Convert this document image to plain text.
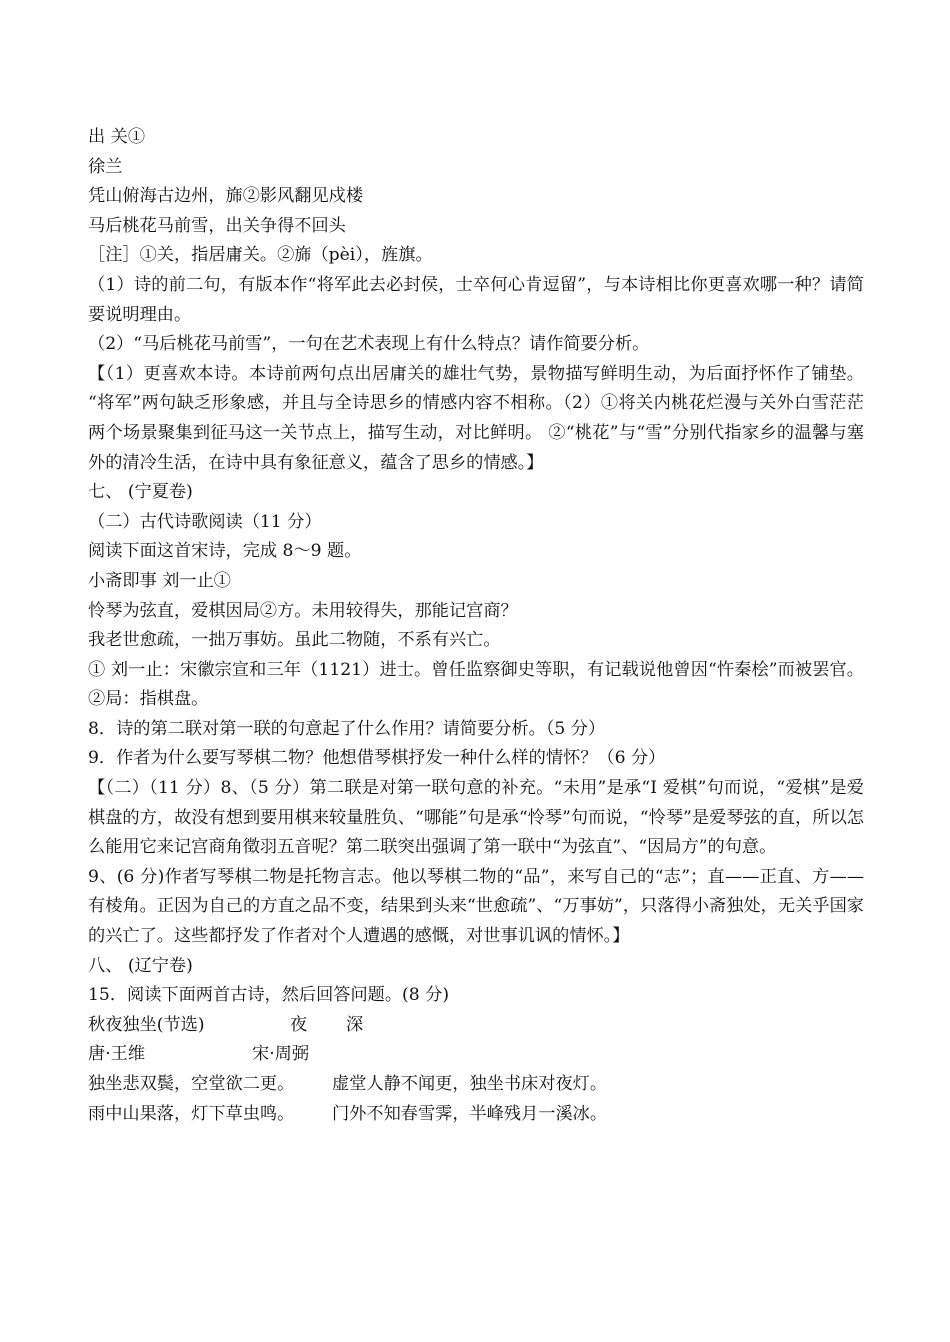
出 关①
徐兰
凭山俯海古边州，旆②影风翻见戍楼
马后桃花马前雪，出关争得不回头
［注］①关，指居庸关。②旆（pèi），旌旗。
（1）诗的前二句，有版本作“将军此去必封侯，士卒何心肯逗留”，与本诗相比你更喜欢哪一种？请简要说明理由。
（2）“马后桃花马前雪”，一句在艺术表现上有什么特点？请作简要分析。
【（1）更喜欢本诗。本诗前两句点出居庸关的雄壮气势，景物描写鲜明生动，为后面抒怀作了铺垫。 “将军”两句缺乏形象感，并且与全诗思乡的情感内容不相称。（2）①将关内桃花烂漫与关外白雪茫茫两个场景聚集到征马这一关节点上，描写生动，对比鲜明。 ②“桃花”与“雪”分别代指家乡的温馨与塞外的清冷生活，在诗中具有象征意义，蕴含了思乡的情感。】
七、 (宁夏卷)
（二）古代诗歌阅读（11 分）
阅读下面这首宋诗，完成 8～9 题。
小斋即事 刘一止①
怜琴为弦直，爱棋因局②方。未用较得失，那能记宫商？
我老世愈疏，一拙万事妨。虽此二物随，不系有兴亡。
① 刘一止：宋徽宗宣和三年（1121）进士。曾任监察御史等职，有记载说他曾因“忤秦桧”而被罢官。②局：指棋盘。
8．诗的第二联对第一联的句意起了什么作用？请简要分析。（5 分）
9．作者为什么要写琴棋二物？他想借琴棋抒发一种什么样的情怀？（6 分）
【（二）（11 分）8、（5 分）第二联是对第一联句意的补充。“未用”是承“I 爱棋”句而说，“爱棋”是爱棋盘的方，故没有想到要用棋来较量胜负、“哪能”句是承“怜琴”句而说，“怜琴”是爱琴弦的直，所以怎么能用它来记宫商角徵羽五音呢？第二联突出强调了第一联中“为弦直”、“因局方”的句意。
9、(6 分)作者写琴棋二物是托物言志。他以琴棋二物的“品”，来写自己的“志”；直——正直、方——有棱角。正因为自己的方直之品不变，结果到头来“世愈疏”、“万事妨”，只落得小斋独处，无关乎国家的兴亡了。这些都抒发了作者对个人遭遇的感慨，对世事讥讽的情怀。】
八、 (辽宁卷)
15．阅读下面两首古诗，然后回答问题。(8 分)
秋夜独坐(节选)	夜 深
唐·王维	宋·周弼
独坐悲双鬓，空堂欲二更。 虚堂人静不闻更，独坐书床对夜灯。
雨中山果落，灯下草虫鸣。 门外不知春雪霁，半峰残月一溪冰。
